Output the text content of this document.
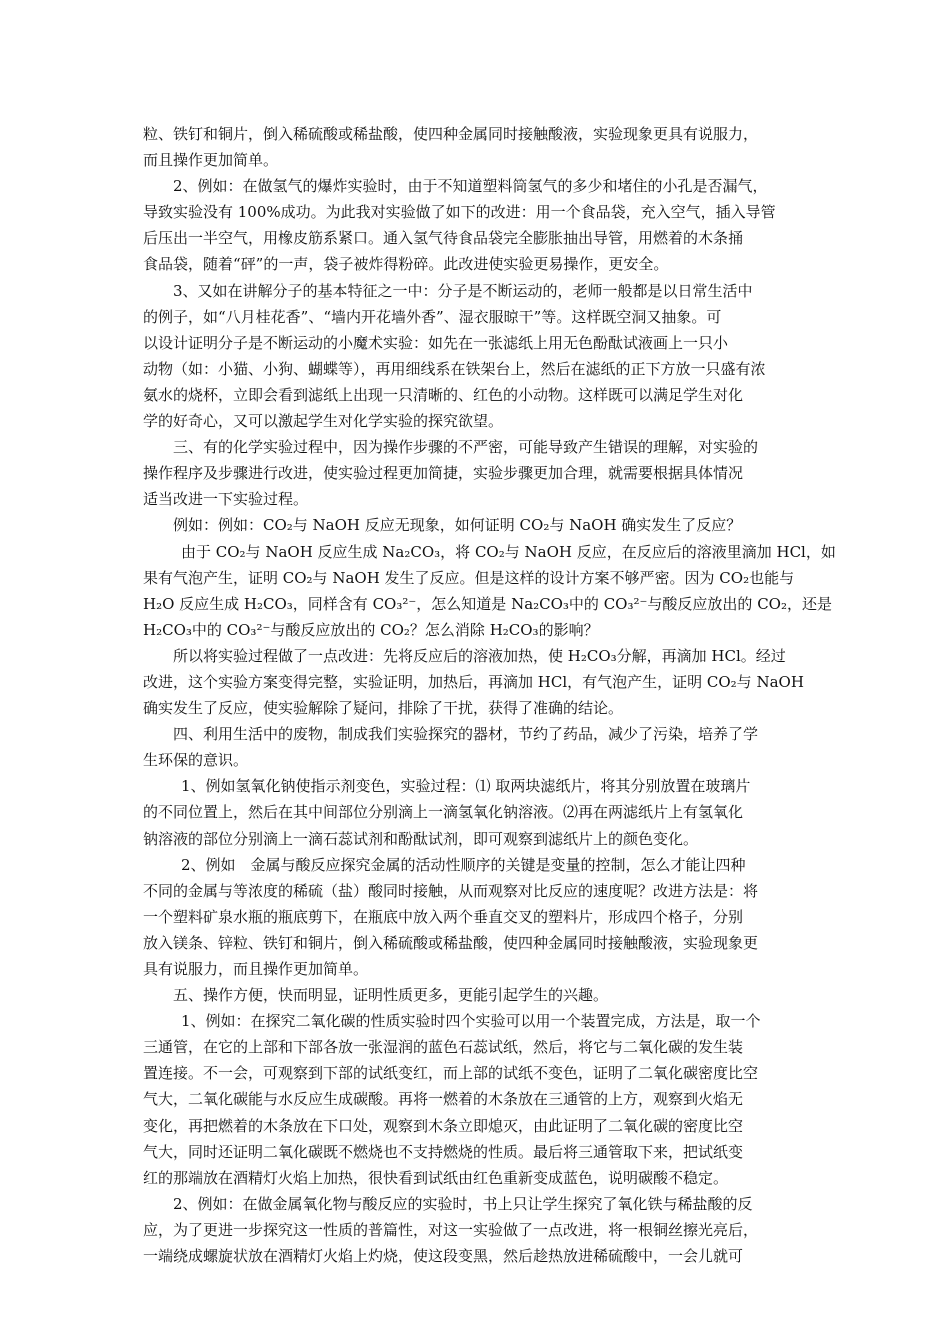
粒、铁钉和铜片，倒入稀硫酸或稀盐酸，使四种金属同时接触酸液，实验现象更具有说服力，
而且操作更加简单。
2、例如：在做氢气的爆炸实验时，由于不知道塑料筒氢气的多少和堵住的小孔是否漏气，
导致实验没有 100%成功。为此我对实验做了如下的改进：用一个食品袋，充入空气，插入导管
后压出一半空气，用橡皮筋系紧口。通入氢气待食品袋完全膨胀抽出导管，用燃着的木条捅
食品袋，随着“砰”的一声，袋子被炸得粉碎。此改进使实验更易操作，更安全。
3、又如在讲解分子的基本特征之一中：分子是不断运动的，老师一般都是以日常生活中
的例子，如“八月桂花香”、“墙内开花墙外香”、湿衣服晾干”等。这样既空洞又抽象。可
以设计证明分子是不断运动的小魔术实验：如先在一张滤纸上用无色酚酞试液画上一只小
动物（如：小猫、小狗、蝴蝶等），再用细线系在铁架台上，然后在滤纸的正下方放一只盛有浓
氨水的烧杯，立即会看到滤纸上出现一只清晰的、红色的小动物。这样既可以满足学生对化
学的好奇心，又可以激起学生对化学实验的探究欲望。
三、有的化学实验过程中，因为操作步骤的不严密，可能导致产生错误的理解，对实验的
操作程序及步骤进行改进，使实验过程更加简捷，实验步骤更加合理，就需要根据具体情况
适当改进一下实验过程。
例如：例如：CO₂与 NaOH 反应无现象，如何证明 CO₂与 NaOH 确实发生了反应？
由于 CO₂与 NaOH 反应生成 Na₂CO₃，将 CO₂与 NaOH 反应，在反应后的溶液里滴加 HCl，如
果有气泡产生，证明 CO₂与 NaOH 发生了反应。但是这样的设计方案不够严密。因为 CO₂也能与
H₂O 反应生成 H₂CO₃，同样含有 CO₃²⁻，怎么知道是 Na₂CO₃中的 CO₃²⁻与酸反应放出的 CO₂，还是
H₂CO₃中的 CO₃²⁻与酸反应放出的 CO₂？怎么消除 H₂CO₃的影响？
所以将实验过程做了一点改进：先将反应后的溶液加热，使 H₂CO₃分解，再滴加 HCl。经过
改进，这个实验方案变得完整，实验证明，加热后，再滴加 HCl，有气泡产生，证明 CO₂与 NaOH
确实发生了反应，使实验解除了疑问，排除了干扰，获得了准确的结论。
四、利用生活中的废物，制成我们实验探究的器材，节约了药品，减少了污染，培养了学
生环保的意识。
1、例如氢氧化钠使指示剂变色，实验过程：⑴ 取两块滤纸片，将其分别放置在玻璃片
的不同位置上，然后在其中间部位分别滴上一滴氢氧化钠溶液。⑵再在两滤纸片上有氢氧化
钠溶液的部位分别滴上一滴石蕊试剂和酚酞试剂，即可观察到滤纸片上的颜色变化。
2、例如　金属与酸反应探究金属的活动性顺序的关键是变量的控制，怎么才能让四种
不同的金属与等浓度的稀硫（盐）酸同时接触，从而观察对比反应的速度呢？改进方法是：将
一个塑料矿泉水瓶的瓶底剪下，在瓶底中放入两个垂直交叉的塑料片，形成四个格子，分别
放入镁条、锌粒、铁钉和铜片，倒入稀硫酸或稀盐酸，使四种金属同时接触酸液，实验现象更
具有说服力，而且操作更加简单。
五、操作方便，快而明显，证明性质更多，更能引起学生的兴趣。
1、例如：在探究二氧化碳的性质实验时四个实验可以用一个装置完成，方法是，取一个
三通管，在它的上部和下部各放一张湿润的蓝色石蕊试纸，然后，将它与二氧化碳的发生装
置连接。不一会，可观察到下部的试纸变红，而上部的试纸不变色，证明了二氧化碳密度比空
气大，二氧化碳能与水反应生成碳酸。再将一燃着的木条放在三通管的上方，观察到火焰无
变化，再把燃着的木条放在下口处，观察到木条立即熄灭，由此证明了二氧化碳的密度比空
气大，同时还证明二氧化碳既不燃烧也不支持燃烧的性质。最后将三通管取下来，把试纸变
红的那端放在酒精灯火焰上加热，很快看到试纸由红色重新变成蓝色，说明碳酸不稳定。
2、例如：在做金属氧化物与酸反应的实验时，书上只让学生探究了氧化铁与稀盐酸的反
应，为了更进一步探究这一性质的普篇性，对这一实验做了一点改进，将一根铜丝擦光亮后，
一端绕成螺旋状放在酒精灯火焰上灼烧，使这段变黑，然后趁热放进稀硫酸中，一会儿就可
